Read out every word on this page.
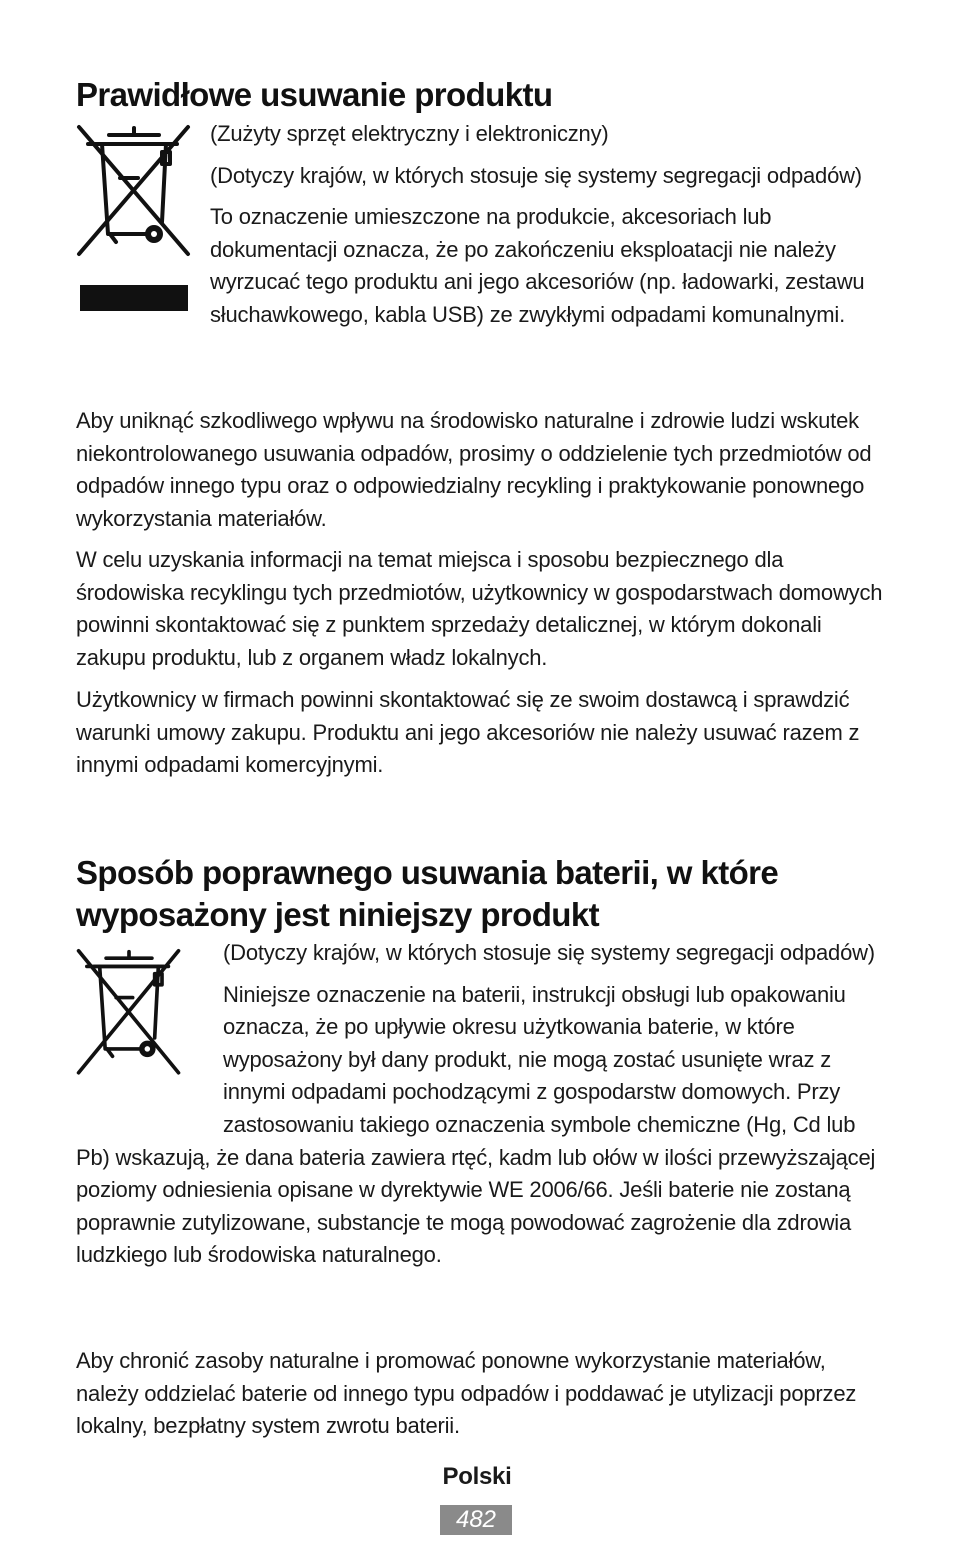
Prawidłowe usuwanie produktu

(Zużyty sprzęt elektryczny i elektroniczny)

(Dotyczy krajów, w których stosuje się systemy segregacji odpadów)

To oznaczenie umieszczone na produkcie, akcesoriach lub dokumentacji oznacza, że po zakończeniu eksploatacji nie należy wyrzucać tego produktu ani jego akcesoriów (np. ładowarki, zestawu słuchawkowego, kabla USB) ze zwykłymi odpadami komunalnymi.

Aby uniknąć szkodliwego wpływu na środowisko naturalne i zdrowie ludzi wskutek niekontrolowanego usuwania odpadów, prosimy o oddzielenie tych przedmiotów od odpadów innego typu oraz o odpowiedzialny recykling i praktykowanie ponownego wykorzystania materiałów.

W celu uzyskania informacji na temat miejsca i sposobu bezpiecznego dla środowiska recyklingu tych przedmiotów, użytkownicy w gospodarstwach domowych powinni skontaktować się z punktem sprzedaży detalicznej, w którym dokonali zakupu produktu, lub z organem władz lokalnych.

Użytkownicy w firmach powinni skontaktować się ze swoim dostawcą i sprawdzić warunki umowy zakupu. Produktu ani jego akcesoriów nie należy usuwać razem z innymi odpadami komercyjnymi.

Sposób poprawnego usuwania baterii, w które wyposażony jest niniejszy produkt

(Dotyczy krajów, w których stosuje się systemy segregacji odpadów)

Niniejsze oznaczenie na baterii, instrukcji obsługi lub opakowaniu oznacza, że po upływie okresu użytkowania baterie, w które wyposażony był dany produkt, nie mogą zostać usunięte wraz z innymi odpadami pochodzącymi z gospodarstw domowych. Przy zastosowaniu takiego oznaczenia symbole chemiczne (Hg, Cd lub Pb) wskazują, że dana bateria zawiera rtęć, kadm lub ołów w ilości przewyższającej poziomy odniesienia opisane w dyrektywie WE 2006/66. Jeśli baterie nie zostaną poprawnie zutylizowane, substancje te mogą powodować zagrożenie dla zdrowia ludzkiego lub środowiska naturalnego.

Aby chronić zasoby naturalne i promować ponowne wykorzystanie materiałów, należy oddzielać baterie od innego typu odpadów i poddawać je utylizacji poprzez lokalny, bezpłatny system zwrotu baterii.

Polski
482
